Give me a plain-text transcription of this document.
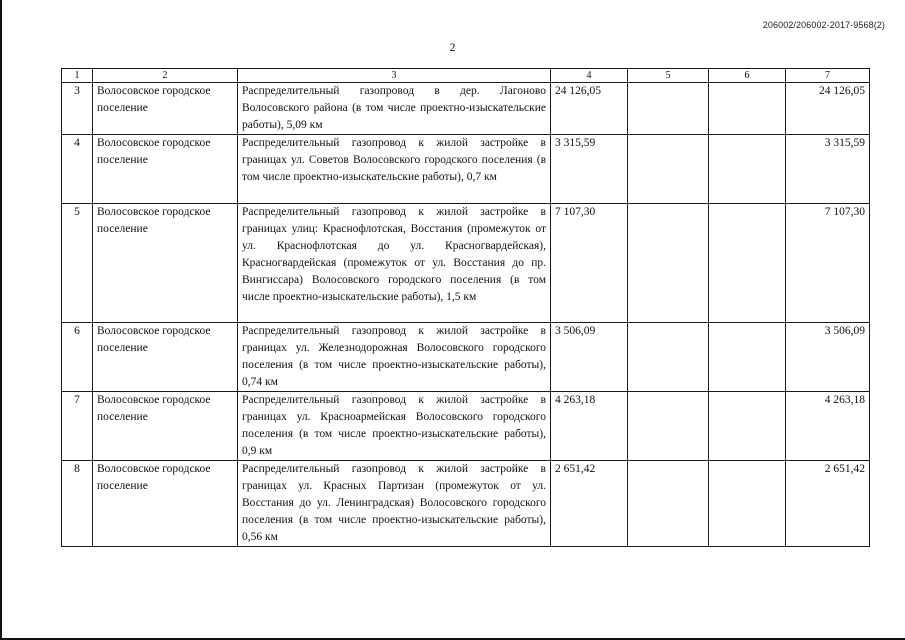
206002/206002-2017-9568(2)
2
1	2	3	4	5	6	7
3	Волосовское городское поселение	Распределительный газопровод в дер. Лагоново Волосовского района (в том числе проектно-изыскательские работы), 5,09 км	24 126,05			24 126,05
4	Волосовское городское поселение	Распределительный газопровод к жилой застройке в границах ул. Советов Волосовского городского поселения (в том числе проектно-изыскательские работы), 0,7 км	3 315,59			3 315,59
5	Волосовское городское поселение	Распределительный газопровод к жилой застройке в границах улиц: Краснофлотская, Восстания (промежуток от ул. Краснофлотская до ул. Красногвардейская), Красногвардейская (промежуток от ул. Восстания до пр. Вингиссара) Волосовского городского поселения (в том числе проектно-изыскательские работы), 1,5 км	7 107,30			7 107,30
6	Волосовское городское поселение	Распределительный газопровод к жилой застройке в границах ул. Железнодорожная Волосовского городского поселения (в том числе проектно-изыскательские работы), 0,74 км	3 506,09			3 506,09
7	Волосовское городское поселение	Распределительный газопровод к жилой застройке в границах ул. Красноармейская Волосовского городского поселения (в том числе проектно-изыскательские работы), 0,9 км	4 263,18			4 263,18
8	Волосовское городское поселение	Распределительный газопровод к жилой застройке в границах ул. Красных Партизан (промежуток от ул. Восстания до ул. Ленинградская) Волосовского городского поселения (в том числе проектно-изыскательские работы), 0,56 км	2 651,42			2 651,42
